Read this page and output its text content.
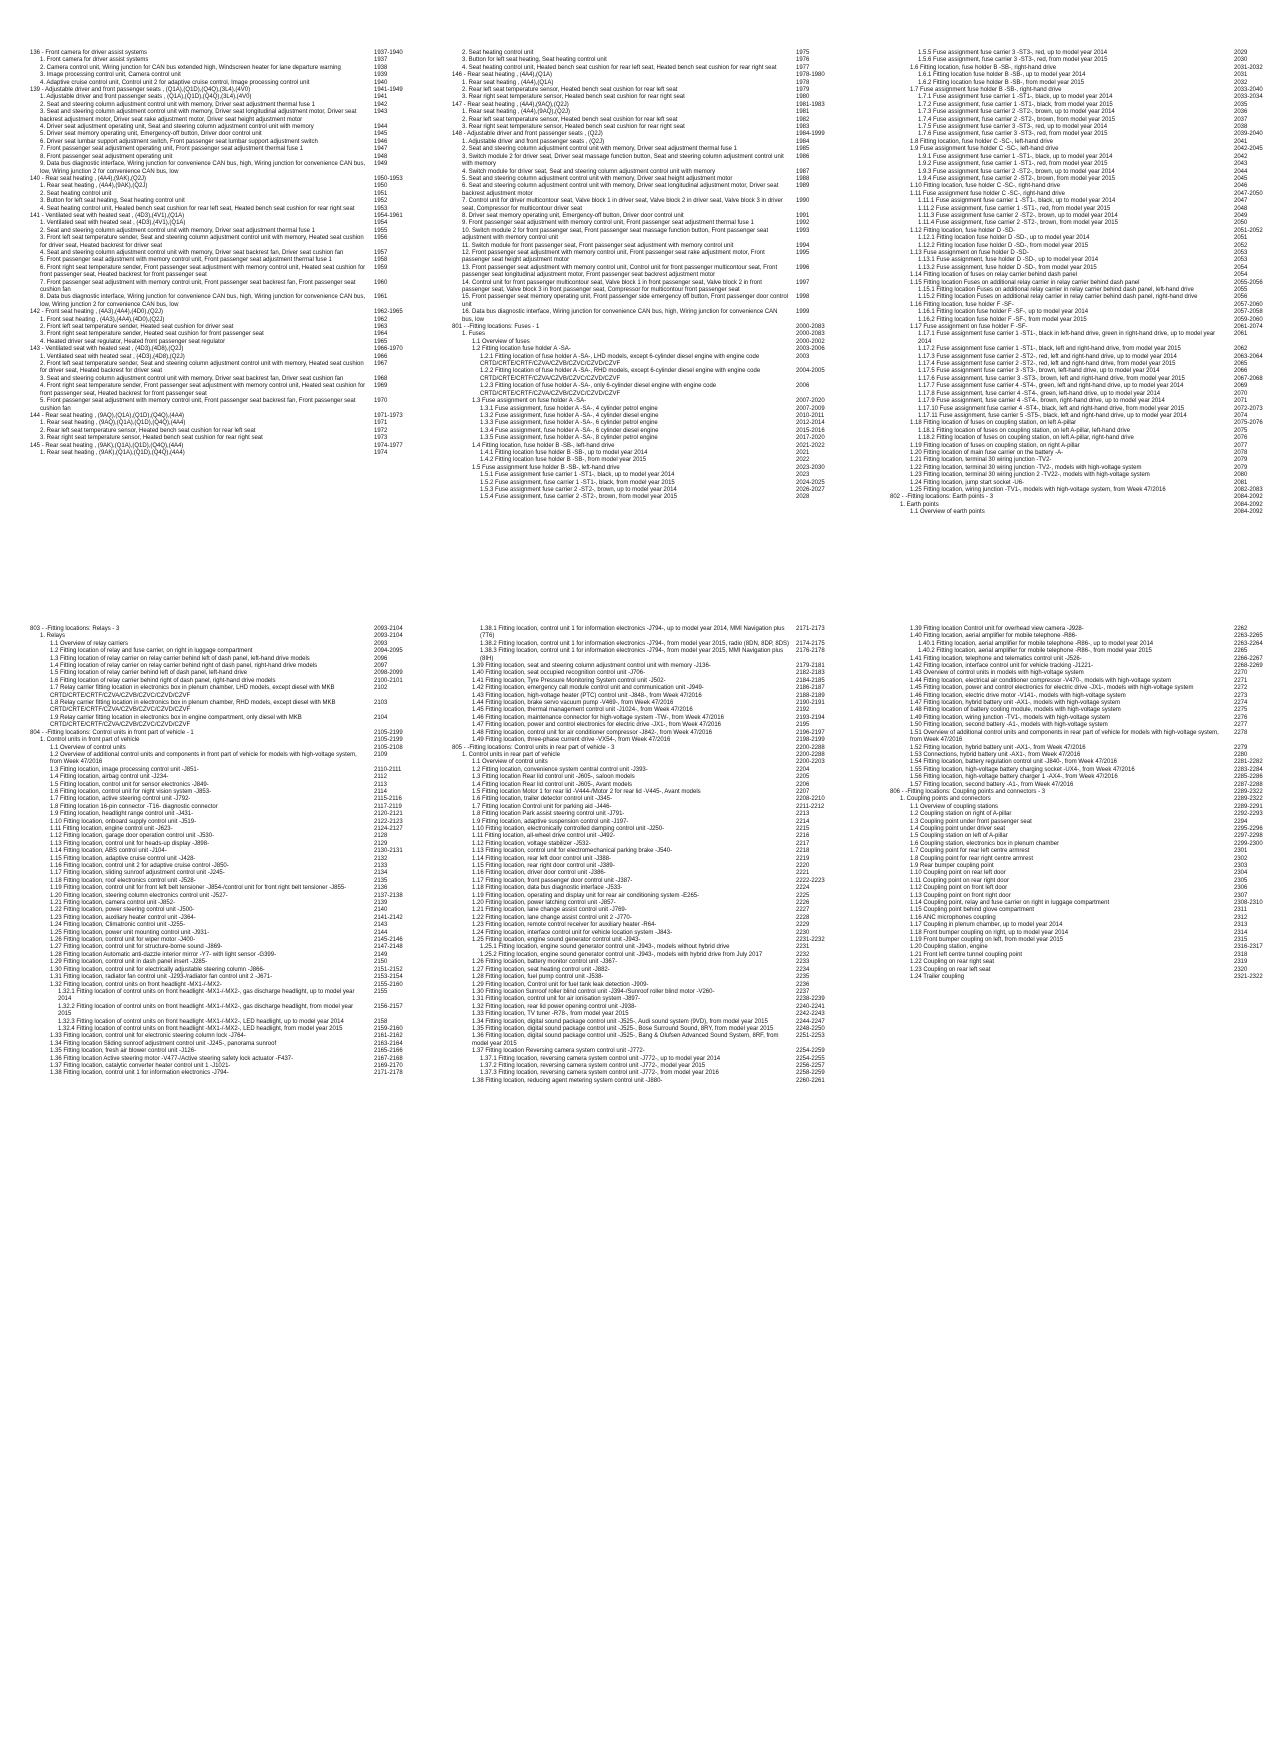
136 - Front camera for driver assist systems	1937-1940
1. Front camera for driver assist systems	1937
2. Camera control unit, Wiring junction for CAN bus extended high, Windscreen heater for lane departure warning	1938
3. Image processing control unit, Camera control unit	1939
4. Adaptive cruise control unit, Control unit 2 for adaptive cruise control, Image processing control unit	1940
139 - Adjustable driver and front passenger seats , (Q1A),(Q1D),(Q4Q),(3L4),(4V0)	1941-1949
1. Adjustable driver and front passenger seats , (Q1A),(Q1D),(Q4Q),(3L4),(4V0)	1941
2. Seat and steering column adjustment control unit with memory, Driver seat adjustment thermal fuse 1	1942
3. Seat and steering column adjustment control unit with memory, Driver seat longitudinal adjustment motor, Driver seat backrest adjustment motor, Driver seat rake adjustment motor, Driver seat height adjustment motor
1943
4. Driver seat adjustment operating unit, Seat and steering column adjustment control unit with memory	1944
5. Driver seat memory operating unit, Emergency-off button, Driver door control unit	1945
6. Driver seat lumbar support adjustment switch, Front passenger seat lumbar support adjustment switch	1946
7. Front passenger seat adjustment operating unit, Front passenger seat adjustment thermal fuse 1	1947
8. Front passenger seat adjustment operating unit	1948
9. Data bus diagnostic interface, Wiring junction for convenience CAN bus, high, Wiring junction for convenience CAN bus, low, Wiring junction 2 for convenience CAN bus, low
1949
140 - Rear seat heating , (4A4),(9AK),(Q2J)	1950-1953
1. Rear seat heating , (4A4),(9AK),(Q2J)	1950
2. Seat heating control unit	1951
3. Button for left seat heating, Seat heating control unit	1952
4. Seat heating control unit, Heated bench seat cushion for rear left seat, Heated bench seat cushion for rear right seat	1953
141 - Ventilated seat with heated seat , (4D3),(4V1),(Q1A)	1954-1961
1. Ventilated seat with heated seat , (4D3),(4V1),(Q1A)	1954
2. Seat and steering column adjustment control unit with memory, Driver seat adjustment thermal fuse 1	1955
3. Front left seat temperature sender, Seat and steering column adjustment control unit with memory, Heated seat cushion for driver seat, Heated backrest for driver seat
1956
4. Seat and steering column adjustment control unit with memory, Driver seat backrest fan, Driver seat cushion fan	1957
5. Front passenger seat adjustment with memory control unit, Front passenger seat adjustment thermal fuse 1	1958
6. Front right seat temperature sender, Front passenger seat adjustment with memory control unit, Heated seat cushion for front passenger seat, Heated backrest for front passenger seat
1959
7. Front passenger seat adjustment with memory control unit, Front passenger seat backrest fan, Front passenger seat cushion fan
1960
8. Data bus diagnostic interface, Wiring junction for convenience CAN bus, high, Wiring junction for convenience CAN bus, low, Wiring junction 2 for convenience CAN bus, low
1961
142 - Front seat heating , (4A3),(4A4),(4D0),(Q2J)	1962-1965
1. Front seat heating , (4A3),(4A4),(4D0),(Q2J)	1962
2. Front left seat temperature sender, Heated seat cushion for driver seat	1963
3. Front right seat temperature sender, Heated seat cushion for front passenger seat	1964
4. Heated driver seat regulator, Heated front passenger seat regulator	1965
143 - Ventilated seat with heated seat , (4D3),(4D8),(Q2J)	1966-1970
1. Ventilated seat with heated seat , (4D3),(4D8),(Q2J)	1966
2. Front left seat temperature sender, Seat and steering column adjustment control unit with memory, Heated seat cushion for driver seat, Heated backrest for driver seat
1967
3. Seat and steering column adjustment control unit with memory, Driver seat backrest fan, Driver seat cushion fan	1968
4. Front right seat temperature sender, Front passenger seat adjustment with memory control unit, Heated seat cushion for front passenger seat, Heated backrest for front passenger seat
1969
5. Front passenger seat adjustment with memory control unit, Front passenger seat backrest fan, Front passenger seat cushion fan
1970
144 - Rear seat heating , (9AQ),(Q1A),(Q1D),(Q4Q),(4A4)	1971-1973
1. Rear seat heating , (9AQ),(Q1A),(Q1D),(Q4Q),(4A4)	1971
2. Rear left seat temperature sensor, Heated bench seat cushion for rear left seat	1972
3. Rear right seat temperature sensor, Heated bench seat cushion for rear right seat	1973
145 - Rear seat heating , (9AK),(Q1A),(Q1D),(Q4Q),(4A4)	1974-1977
1. Rear seat heating , (9AK),(Q1A),(Q1D),(Q4Q),(4A4)	1974
2. Seat heating control unit	1975
3. Button for left seat heating, Seat heating control unit	1976
4. Seat heating control unit, Heated bench seat cushion for rear left seat, Heated bench seat cushion for rear right seat	1977
146 - Rear seat heating , (4A4),(Q1A)	1978-1980
1. Rear seat heating , (4A4),(Q1A)	1978
2. Rear left seat temperature sensor, Heated bench seat cushion for rear left seat	1979
3. Rear right seat temperature sensor, Heated bench seat cushion for rear right seat	1980
147 - Rear seat heating , (4A4),(9AQ),(Q2J)	1981-1983
1. Rear seat heating , (4A4),(9AQ),(Q2J)	1981
2. Rear left seat temperature sensor, Heated bench seat cushion for rear left seat	1982
3. Rear right seat temperature sensor, Heated bench seat cushion for rear right seat	1983
148 - Adjustable driver and front passenger seats , (Q2J)	1984-1999
1. Adjustable driver and front passenger seats , (Q2J)	1984
2. Seat and steering column adjustment control unit with memory, Driver seat adjustment thermal fuse 1	1985
3. Switch module 2 for driver seat, Driver seat massage function button, Seat and steering column adjustment control unit with memory
1986
4. Switch module for driver seat, Seat and steering column adjustment control unit with memory	1987
5. Seat and steering column adjustment control unit with memory, Driver seat height adjustment motor	1988
6. Seat and steering column adjustment control unit with memory, Driver seat longitudinal adjustment motor, Driver seat backrest adjustment motor
1989
7. Control unit for driver multicontour seat, Valve block 1 in driver seat, Valve block 2 in driver seat, Valve block 3 in driver seat, Compressor for multicontour driver seat
1990
8. Driver seat memory operating unit, Emergency-off button, Driver door control unit	1991
9. Front passenger seat adjustment with memory control unit, Front passenger seat adjustment thermal fuse 1	1992
10. Switch module 2 for front passenger seat, Front passenger seat massage function button, Front passenger seat adjustment with memory control unit
1993
11. Switch module for front passenger seat, Front passenger seat adjustment with memory control unit	1994
12. Front passenger seat adjustment with memory control unit, Front passenger seat rake adjustment motor, Front passenger seat height adjustment motor
1995
13. Front passenger seat adjustment with memory control unit, Control unit for front passenger multicontour seat, Front passenger seat longitudinal adjustment motor, Front passenger seat backrest adjustment motor
1996
14. Control unit for front passenger multicontour seat, Valve block 1 in front passenger seat, Valve block 2 in front passenger seat, Valve block 3 in front passenger seat, Compressor for multicontour front passenger seat
1997
15. Front passenger seat memory operating unit, Front passenger side emergency off button, Front passenger door control unit
1998
16. Data bus diagnostic interface, Wiring junction for convenience CAN bus, high, Wiring junction for convenience CAN bus, low
1999
801 - -Fitting locations: Fuses - 1	2000-2083
1. Fuses	2000-2083
1.1 Overview of fuses	2000-2002
1.2 Fitting location fuse holder A -SA-	2003-2006
1.2.1 Fitting location of fuse holder A -SA-, LHD models, except 6-cylinder diesel engine with engine code CRTD/CRTE/CRTF/CZVA/CZVB/CZVC/CZVD/CZVF
2003
1.2.2 Fitting location of fuse holder A -SA-, RHD models, except 6-cylinder diesel engine with engine code CRTD/CRTE/CRTF/CZVA/CZVB/CZVC/CZVD/CZVF
2004-2005
1.2.3 Fitting location of fuse holder A -SA-, only 6-cylinder diesel engine with engine code CRTD/CRTE/CRTF/CZVA/CZVB/CZVC/CZVD/CZVF
2006
1.3 Fuse assignment on fuse holder A -SA-	2007-2020
1.3.1 Fuse assignment, fuse holder A -SA-, 4 cylinder petrol engine	2007-2009
1.3.2 Fuse assignment, fuse holder A -SA-, 4 cylinder diesel engine	2010-2011
1.3.3 Fuse assignment, fuse holder A -SA-, 6 cylinder petrol engine	2012-2014
1.3.4 Fuse assignment, fuse holder A -SA-, 6 cylinder diesel engine	2015-2016
1.3.5 Fuse assignment, fuse holder A -SA-, 8 cylinder petrol engine	2017-2020
1.4 Fitting location, fuse holder B -SB-, left-hand drive	2021-2022
1.4.1 Fitting location fuse holder B -SB-, up to model year 2014	2021
1.4.2 Fitting location fuse holder B -SB-, from model year 2015	2022
1.5 Fuse assignment fuse holder B -SB-, left-hand drive	2023-2030
1.5.1 Fuse assignment fuse carrier 1 -ST1-, black, up to model year 2014	2023
1.5.2 Fuse assignment, fuse carrier 1 -ST1-, black, from model year 2015	2024-2025
1.5.3 Fuse assignment fuse carrier 2 -ST2-, brown, up to model year 2014	2026-2027
1.5.4 Fuse assignment, fuse carrier 2 -ST2-, brown, from model year 2015	2028
1.5.5 Fuse assignment fuse carrier 3 -ST3-, red, up to model year 2014	2029
1.5.6 Fuse assignment, fuse carrier 3 -ST3-, red, from model year 2015	2030
1.6 Fitting location, fuse holder B -SB-, right-hand drive	2031-2032
1.6.1 Fitting location fuse holder B -SB-, up to model year 2014	2031
1.6.2 Fitting location fuse holder B -SB-, from model year 2015	2032
1.7 Fuse assignment fuse holder B -SB-, right-hand drive	2033-2040
1.7.1 Fuse assignment fuse carrier 1 -ST1-, black, up to model year 2014	2033-2034
1.7.2 Fuse assignment, fuse carrier 1 -ST1-, black, from model year 2015	2035
1.7.3 Fuse assignment fuse carrier 2 -ST2-, brown, up to model year 2014	2036
1.7.4 Fuse assignment, fuse carrier 2 -ST2-, brown, from model year 2015	2037
1.7.5 Fuse assignment fuse carrier 3 -ST3-, red, up to model year 2014	2038
1.7.6 Fuse assignment, fuse carrier 3 -ST3-, red, from model year 2015	2039-2040
1.8 Fitting location, fuse holder C -SC-, left-hand drive	2041
1.9 Fuse assignment fuse holder C -SC-, left-hand drive	2042-2045
1.9.1 Fuse assignment fuse carrier 1 -ST1-, black, up to model year 2014	2042
1.9.2 Fuse assignment, fuse carrier 1 -ST1-, red, from model year 2015	2043
1.9.3 Fuse assignment fuse carrier 2 -ST2-, brown, up to model year 2014	2044
1.9.4 Fuse assignment, fuse carrier 2 -ST2-, brown, from model year 2015	2045
1.10 Fitting location, fuse holder C -SC-, right-hand drive	2046
1.11 Fuse assignment fuse holder C -SC-, right-hand drive	2047-2050
1.11.1 Fuse assignment fuse carrier 1 -ST1-, black, up to model year 2014	2047
1.11.2 Fuse assignment, fuse carrier 1 -ST1-, red, from model year 2015	2048
1.11.3 Fuse assignment fuse carrier 2 -ST2-, brown, up to model year 2014	2049
1.11.4 Fuse assignment, fuse carrier 2 -ST2-, brown, from model year 2015	2050
1.12 Fitting location, fuse holder D -SD-	2051-2052
1.12.1 Fitting location fuse holder D -SD-, up to model year 2014	2051
1.12.2 Fitting location fuse holder D -SD-, from model year 2015	2052
1.13 Fuse assignment on fuse holder D -SD-	2053
1.13.1 Fuse assignment, fuse holder D -SD-, up to model year 2014	2053
1.13.2 Fuse assignment, fuse holder D -SD-, from model year 2015	2054
1.14 Fitting location of fuses on relay carrier behind dash panel	2054
1.15 Fitting location Fuses on additional relay carrier in relay carrier behind dash panel	2055-2056
1.15.1 Fitting location Fuses on additional relay carrier in relay carrier behind dash panel, left-hand drive	2055
1.15.2 Fitting location Fuses on additional relay carrier in relay carrier behind dash panel, right-hand drive	2056
1.16 Fitting location, fuse holder F -SF-	2057-2060
1.16.1 Fitting location fuse holder F -SF-, up to model year 2014	2057-2058
1.16.2 Fitting location fuse holder F -SF-, from model year 2015	2059-2060
1.17 Fuse assignment on fuse holder F -SF-	2061-2074
1.17.1 Fuse assignment fuse carrier 1 -ST1-, black in left-hand drive, green in right-hand drive, up to model year 2014
2061
1.17.2 Fuse assignment fuse carrier 1 -ST1-, black, left and right-hand drive, from model year 2015	2062
1.17.3 Fuse assignment fuse carrier 2 -ST2-, red, left and right-hand drive, up to model year 2014	2063-2064
1.17.4 Fuse assignment fuse carrier 2 -ST2-, red, left and right-hand drive, from model year 2015	2065
1.17.5 Fuse assignment fuse carrier 3 -ST3-, brown, left-hand drive, up to model year 2014	2066
1.17.6 Fuse assignment, fuse carrier 3 -ST3-, brown, left and right-hand drive, from model year 2015	2067-2068
1.17.7 Fuse assignment fuse carrier 4 -ST4-, green, left and right-hand drive, up to model year 2014	2069
1.17.8 Fuse assignment, fuse carrier 4 -ST4-, green, left-hand drive, up to model year 2014	2070
1.17.9 Fuse assignment, fuse carrier 4 -ST4-, brown, right-hand drive, up to model year 2014	2071
1.17.10 Fuse assignment fuse carrier 4 -ST4-, black, left and right-hand drive, from model year 2015	2072-2073
1.17.11 Fuse assignment, fuse carrier 5 -ST5-, black, left and right-hand drive, up to model year 2014	2074
1.18 Fitting location of fuses on coupling station, on left A-pillar	2075-2076
1.18.1 Fitting location of fuses on coupling station, on left A-pillar, left-hand drive	2075
1.18.2 Fitting location of fuses on coupling station, on left A-pillar, right-hand drive	2076
1.19 Fitting location of fuses on coupling station, on right A-pillar	2077
1.20 Fitting location of main fuse carrier on the battery -A-	2078
1.21 Fitting location, terminal 30 wiring junction -TV2-	2079
1.22 Fitting location, terminal 30 wiring junction -TV2-, models with high-voltage system	2079
1.23 Fitting location, terminal 30 wiring junction 2 -TV22-, models with high-voltage system	2080
1.24 Fitting location, jump start socket -U6-	2081
1.25 Fitting location, wiring junction -TV1-, models with high-voltage system, from Week 47/2016	2082-2083
802 - -Fitting locations: Earth points - 3	2084-2092
1. Earth points	2084-2092
1.1 Overview of earth points	2084-2092
803 - -Fitting locations: Relays - 3	2093-2104
1. Relays	2093-2104
1.1 Overview of relay carriers	2093
1.2 Fitting location of relay and fuse carrier, on right in luggage compartment	2094-2095
1.3 Fitting location of relay carrier on relay carrier behind left of dash panel, left-hand drive models	2096
1.4 Fitting location of relay carrier on relay carrier behind right of dash panel, right-hand drive models	2097
1.5 Fitting location of relay carrier behind left of dash panel, left-hand drive	2098-2099
1.6 Fitting location of relay carrier behind right of dash panel, right-hand drive models	2100-2101
1.7 Relay carrier fitting location in electronics box in plenum chamber, LHD models, except diesel with MKB CRTD/CRTE/CRTF/CZVA/CZVB/CZVC/CZVD/CZVF
2102
1.8 Relay carrier fitting location in electronics box in plenum chamber, RHD models, except diesel with MKB CRTD/CRTE/CRTF/CZVA/CZVB/CZVC/CZVD/CZVF
2103
1.9 Relay carrier fitting location in electronics box in engine compartment, only diesel with MKB CRTD/CRTE/CRTF/CZVA/CZVB/CZVC/CZVD/CZVF
2104
804 - -Fitting locations: Control units in front part of vehicle - 1	2105-2199
1. Control units in front part of vehicle	2105-2199
1.1 Overview of control units	2105-2108
1.2 Overview of additional control units and components in front part of vehicle for models with high-voltage system, from Week 47/2016
2109
1.3 Fitting location, image processing control unit -J851-	2110-2111
1.4 Fitting location, airbag control unit -J234-	2112
1.5 Fitting location, control unit for sensor electronics -J849-	2113
1.6 Fitting location, control unit for night vision system -J853-	2114
1.7 Fitting location, active steering control unit -J792-	2115-2116
1.8 Fitting location 16-pin connector -T16- diagnostic connector	2117-2119
1.9 Fitting location, headlight range control unit -J431-	2120-2121
1.10 Fitting location, onboard supply control unit -J519-	2122-2123
1.11 Fitting location, engine control unit -J623-	2124-2127
1.12 Fitting location, garage door operation control unit -J530-	2128
1.13 Fitting location, control unit for heads-up display -J898-	2129
1.14 Fitting location, ABS control unit -J104-	2130-2131
1.15 Fitting location, adaptive cruise control unit -J428-	2132
1.16 Fitting location, control unit 2 for adaptive cruise control -J850-	2133
1.17 Fitting location, sliding sunroof adjustment control unit -J245-	2134
1.18 Fitting location, roof electronics control unit -J528-	2135
1.19 Fitting location, control unit for front left belt tensioner -J854-/control unit for front right belt tensioner -J855-	2136
1.20 Fitting location, steering column electronics control unit -J527-	2137-2138
1.21 Fitting location, camera control unit -J852-	2139
1.22 Fitting location, power steering control unit -J500-	2140
1.23 Fitting location, auxiliary heater control unit -J364-	2141-2142
1.24 Fitting location, Climatronic control unit -J255-	2143
1.25 Fitting location, power unit mounting control unit -J931-	2144
1.26 Fitting location, control unit for wiper motor -J400-	2145-2146
1.27 Fitting location, control unit for structure-borne sound -J869-	2147-2148
1.28 Fitting location Automatic anti-dazzle interior mirror -Y7- with light sensor -G399-	2149
1.29 Fitting location, control unit in dash panel insert -J285-	2150
1.30 Fitting location, control unit for electrically adjustable steering column -J866-	2151-2152
1.31 Fitting location, radiator fan control unit -J293-/radiator fan control unit 2 -J671-	2153-2154
1.32 Fitting location, control units on front headlight -MX1-/-MX2-	2155-2160
1.32.1 Fitting location of control units on front headlight -MX1-/-MX2-, gas discharge headlight, up to model year 2014
2155
1.32.2 Fitting location of control units on front headlight -MX1-/-MX2-, gas discharge headlight, from model year 2015
2156-2157
1.32.3 Fitting location of control units on front headlight -MX1-/-MX2-, LED headlight, up to model year 2014	2158
1.32.4 Fitting location of control units on front headlight -MX1-/-MX2-, LED headlight, from model year 2015	2159-2160
1.33 Fitting location, control unit for electronic steering column lock -J764-	2161-2162
1.34 Fitting location Sliding sunroof adjustment control unit -J245-, panorama sunroof	2163-2164
1.35 Fitting location, fresh air blower control unit -J126-	2165-2166
1.36 Fitting location Active steering motor -V477-/Active steering safety lock actuator -F437-	2167-2168
1.37 Fitting location, catalytic converter heater control unit 1 -J1021-	2169-2170
1.38 Fitting location, control unit 1 for information electronics -J794-	2171-2178
1.38.1 Fitting location, control unit 1 for information electronics -J794-, up to model year 2014, MMI Navigation plus (7T6)
2171-2173
1.38.2 Fitting location, control unit 1 for information electronics -J794-, from model year 2015, radio (8DN, 8DP, 8DS)	2174-2175
1.38.3 Fitting location, control unit 1 for information electronics -J794-, from model year 2015, MMI Navigation plus (8IH)
2176-2178
1.39 Fitting location, seat and steering column adjustment control unit with memory -J136-	2179-2181
1.40 Fitting location, seat occupied recognition control unit -J706-	2182-2183
1.41 Fitting location, Tyre Pressure Monitoring System control unit -J502-	2184-2185
1.42 Fitting location, emergency call module control unit and communication unit -J949-	2186-2187
1.43 Fitting location, high-voltage heater (PTC) control unit -J848-, from Week 47/2016	2188-2189
1.44 Fitting location, brake servo vacuum pump -V469-, from Week 47/2016	2190-2191
1.45 Fitting location, thermal management control unit -J1024-, from Week 47/2016	2192
1.46 Fitting location, maintenance connector for high-voltage system -TW-, from Week 47/2016	2193-2194
1.47 Fitting location, power and control electronics for electric drive -JX1-, from Week 47/2016	2195
1.48 Fitting location, control unit for air conditioner compressor -J842-, from Week 47/2016	2196-2197
1.49 Fitting location, three-phase current drive -VX54-, from Week 47/2016	2198-2199
805 - -Fitting locations: Control units in rear part of vehicle - 3	2200-2288
1. Control units in rear part of vehicle	2200-2288
1.1 Overview of control units	2200-2203
1.2 Fitting location, convenience system central control unit -J393-	2204
1.3 Fitting location Rear lid control unit -J605-, saloon models	2205
1.4 Fitting location Rear lid control unit -J605-, Avant models	2206
1.5 Fitting location Motor 1 for rear lid -V444-/Motor 2 for rear lid -V445-, Avant models	2207
1.6 Fitting location, trailer detector control unit -J345-	2208-2210
1.7 Fitting location Control unit for parking aid -J446-	2211-2212
1.8 Fitting location Park assist steering control unit -J791-	2213
1.9 Fitting location, adaptive suspension control unit -J197-	2214
1.10 Fitting location, electronically controlled damping control unit -J250-	2215
1.11 Fitting location, all-wheel drive control unit -J492-	2216
1.12 Fitting location, voltage stabilizer -J532-	2217
1.13 Fitting location, control unit for electromechanical parking brake -J540-	2218
1.14 Fitting location, rear left door control unit -J388-	2219
1.15 Fitting location, rear right door control unit -J389-	2220
1.16 Fitting location, driver door control unit -J386-	2221
1.17 Fitting location, front passenger door control unit -J387-	2222-2223
1.18 Fitting location, data bus diagnostic interface -J533-	2224
1.19 Fitting location, operating and display unit for rear air conditioning system -E265-	2225
1.20 Fitting location, power latching control unit -J857-	2226
1.21 Fitting location, lane change assist control unit -J769-	2227
1.22 Fitting location, lane change assist control unit 2 -J770-	2228
1.23 Fitting location, remote control receiver for auxiliary heater -R64-	2229
1.24 Fitting location, interface control unit for vehicle location system -J843-	2230
1.25 Fitting location, engine sound generator control unit -J943-	2231-2232
1.25.1 Fitting location, engine sound generator control unit -J943-, models without hybrid drive	2231
1.25.2 Fitting location, engine sound generator control unit -J943-, models with hybrid drive from July 2017	2232
1.26 Fitting location, battery monitor control unit -J367-	2233
1.27 Fitting location, seat heating control unit -J882-	2234
1.28 Fitting location, fuel pump control unit -J538-	2235
1.29 Fitting location, Control unit for fuel tank leak detection -J909-	2236
1.30 Fitting location Sunroof roller blind control unit -J394-/Sunroof roller blind motor -V260-	2237
1.31 Fitting location, control unit for air ionisation system -J897-	2238-2239
1.32 Fitting location, rear lid power opening control unit -J938-	2240-2241
1.33 Fitting location, TV tuner -R78-, from model year 2015	2242-2243
1.34 Fitting location, digital sound package control unit -J525-, Audi sound system (9VD), from model year 2015	2244-2247
1.35 Fitting location, digital sound package control unit -J525-, Bose Surround Sound, 8RY, from model year 2015	2248-2250
1.36 Fitting location, digital sound package control unit -J525-, Bang & Olufsen Advanced Sound System, 8RF, from model year 2015
2251-2253
1.37 Fitting location Reversing camera system control unit -J772-	2254-2259
1.37.1 Fitting location, reversing camera system control unit -J772-, up to model year 2014	2254-2255
1.37.2 Fitting location, reversing camera system control unit -J772-, model year 2015	2256-2257
1.37.3 Fitting location, reversing camera system control unit -J772-, from model year 2016	2258-2259
1.38 Fitting location, reducing agent metering system control unit -J880-	2260-2261
1.39 Fitting location Control unit for overhead view camera -J928-	2262
1.40 Fitting location, aerial amplifier for mobile telephone -R86-	2263-2265
1.40.1 Fitting location, aerial amplifier for mobile telephone -R86-, up to model year 2014	2263-2264
1.40.2 Fitting location, aerial amplifier for mobile telephone -R86-, from model year 2015	2265
1.41 Fitting location, telephone and telematics control unit -J526-	2266-2267
1.42 Fitting location, interface control unit for vehicle tracking -J1221-	2268-2269
1.43 Overview of control units in models with high-voltage system	2270
1.44 Fitting location, electrical air conditioner compressor -V470-, models with high-voltage system	2271
1.45 Fitting location, power and control electronics for electric drive -JX1-, models with high-voltage system	2272
1.46 Fitting location, electric drive motor -V141-, models with high-voltage system	2273
1.47 Fitting location, hybrid battery unit -AX1-, models with high-voltage system	2274
1.48 Fitting location of battery cooling module, models with high-voltage system	2275
1.49 Fitting location, wiring junction -TV1-, models with high-voltage system	2276
1.50 Fitting location, second battery -A1-, models with high-voltage system	2277
1.51 Overview of additional control units and components in rear part of vehicle for models with high-voltage system, from Week 47/2016
2278
1.52 Fitting location, hybrid battery unit -AX1-, from Week 47/2016	2279
1.53 Connections, hybrid battery unit -AX1-, from Week 47/2016	2280
1.54 Fitting location, battery regulation control unit -J840-, from Week 47/2016	2281-2282
1.55 Fitting location, high-voltage battery charging socket -UX4-, from Week 47/2016	2283-2284
1.56 Fitting location, high-voltage battery charger 1 -AX4-, from Week 47/2016	2285-2286
1.57 Fitting location, second battery -A1-, from Week 47/2016	2287-2288
806 - -Fitting locations: Coupling points and connectors - 3	2289-2322
1. Coupling points and connectors	2289-2322
1.1 Overview of coupling stations	2289-2291
1.2 Coupling station on right of A-pillar	2292-2293
1.3 Coupling point under front passenger seat	2294
1.4 Coupling point under driver seat	2295-2296
1.5 Coupling station on left of A-pillar	2297-2298
1.6 Coupling station, electronics box in plenum chamber	2299-2300
1.7 Coupling point for rear left centre armrest	2301
1.8 Coupling point for rear right centre armrest	2302
1.9 Rear bumper coupling point	2303
1.10 Coupling point on rear left door	2304
1.11 Coupling point on rear right door	2305
1.12 Coupling point on front left door	2306
1.13 Coupling point on front right door	2307
1.14 Coupling point, relay and fuse carrier on right in luggage compartment	2308-2310
1.15 Coupling point behind glove compartment	2311
1.16 ANC microphones coupling	2312
1.17 Coupling in plenum chamber, up to model year 2014	2313
1.18 Front bumper coupling on right, up to model year 2014	2314
1.19 Front bumper coupling on left, from model year 2015	2315
1.20 Coupling station, engine	2316-2317
1.21 Front left centre tunnel coupling point	2318
1.22 Coupling on rear right seat	2319
1.23 Coupling on rear left seat	2320
1.24 Trailer coupling	2321-2322
